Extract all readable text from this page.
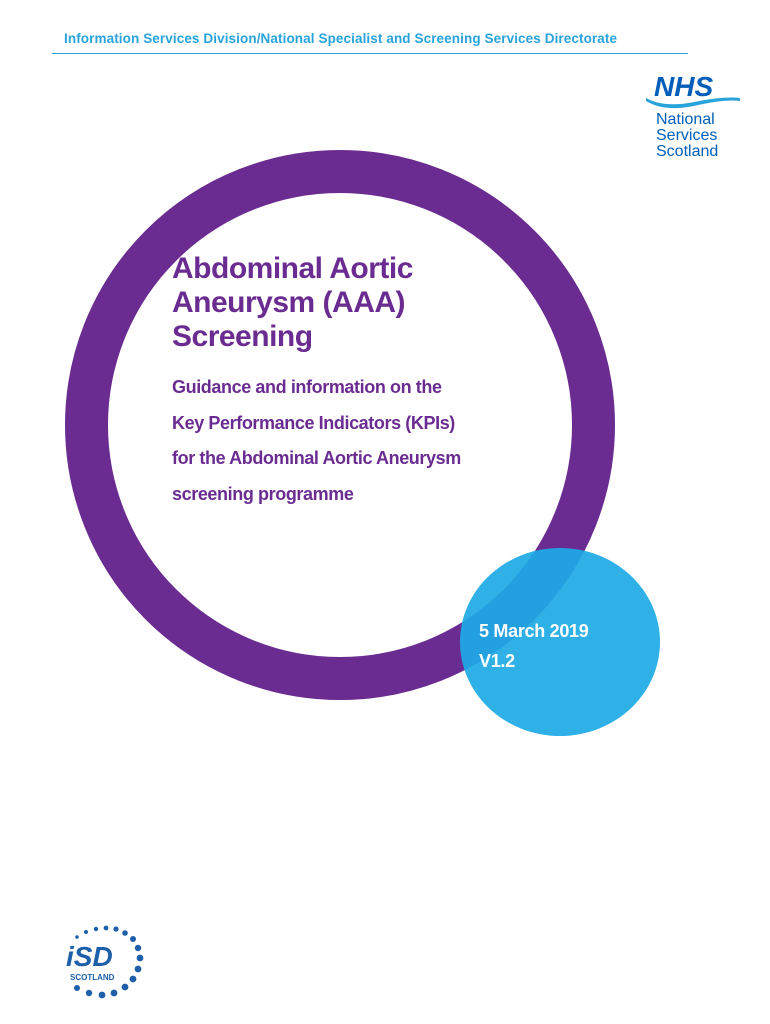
Information Services Division/National Specialist and Screening Services Directorate
NHS
National
Services
Scotland
Abdominal Aortic
Aneurysm (AAA)
Screening
Guidance and information on the
Key Performance Indicators (KPIs)
for the Abdominal Aortic Aneurysm
screening programme
5 March 2019
V1.2
iSD
SCOTLAND
